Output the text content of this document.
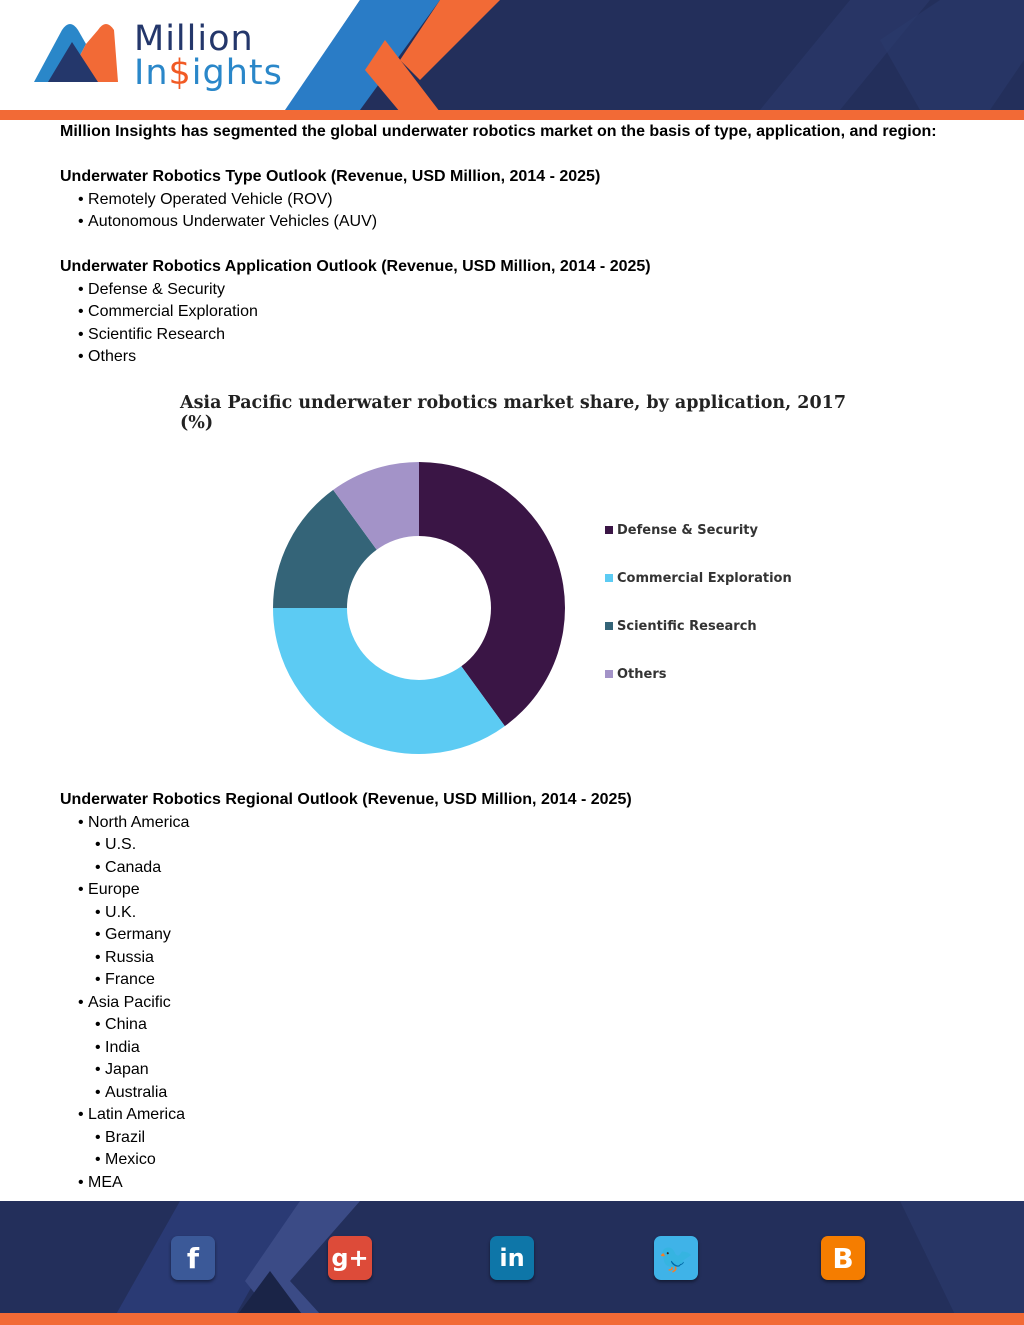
Million
In$ights

Million Insights has segmented the global underwater robotics market on the basis of type, application, and region:

Underwater Robotics Type Outlook (Revenue, USD Million, 2014 - 2025)

• Remotely Operated Vehicle (ROV)
• Autonomous Underwater Vehicles (AUV)

Underwater Robotics Application Outlook (Revenue, USD Million, 2014 - 2025)

• Defense & Security
• Commercial Exploration
• Scientific Research
• Others
Asia Pacific underwater robotics market share, by application, 2017 (%)
Defense & Security
Commercial Exploration
Scientific Research
Others

Underwater Robotics Regional Outlook (Revenue, USD Million, 2014 - 2025)

• North America
• U.S.
• Canada
• Europe
• U.K.
• Germany
• Russia
• France
• Asia Pacific
• China
• India
• Japan
• Australia
• Latin America
• Brazil
• Mexico
• MEA
f	g+	in	🐦	B
